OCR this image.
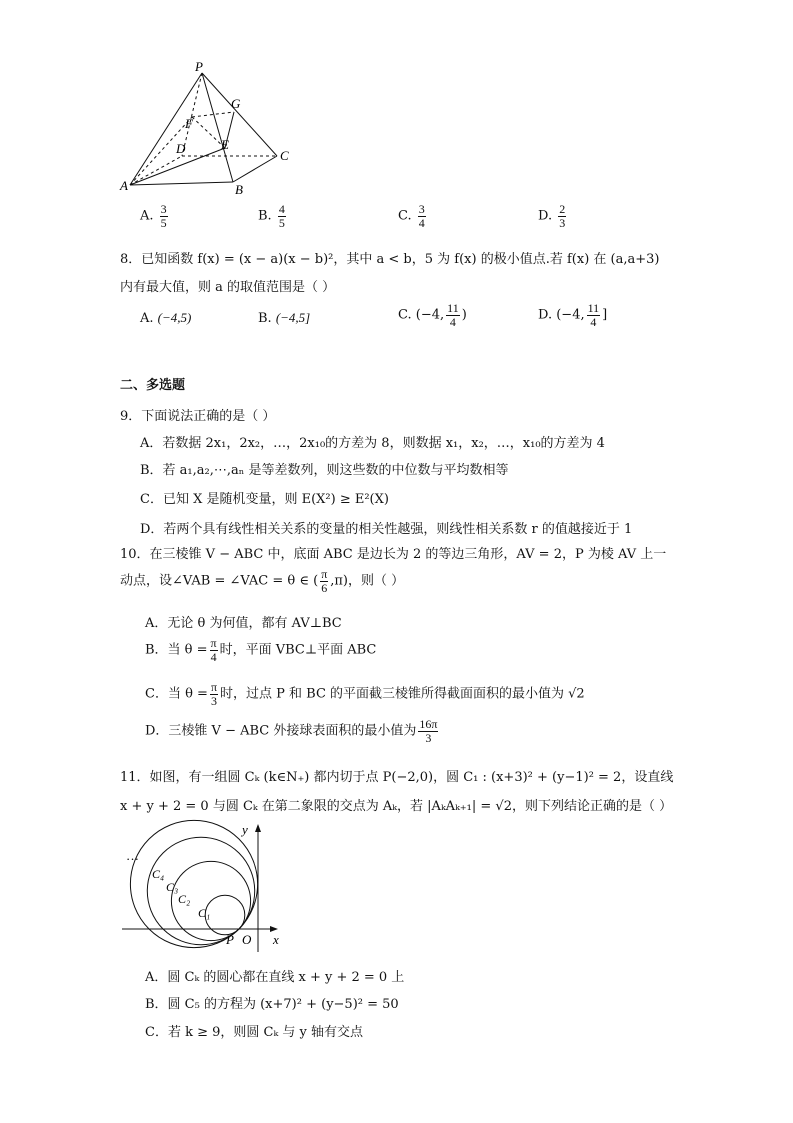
P
G
F
D	E
C
A	B
A. $\frac{3}{5}$	B. $\frac{4}{5}$	C. $\frac{3}{4}$	D. $\frac{2}{3}$
8．已知函数 f(x) = (x − a)(x − b)²，其中 a < b，5 为 f(x) 的极小值点.若 f(x) 在 (a,a+3)
内有最大值，则 a 的取值范围是（ ）
A. (−4,5)	B. (−4,5]	C. (−4, $\frac{11}{4}$ )	D. (−4, $\frac{11}{4}$ ]
二、多选题
9．下面说法正确的是（ ）
A．若数据 2x₁，2x₂，…，2x₁₀的方差为 8，则数据 x₁，x₂，…，x₁₀的方差为 4
B．若 a₁,a₂,⋯,aₙ 是等差数列，则这些数的中位数与平均数相等
C．已知 X 是随机变量，则 E(X²) ≥ E²(X)
D．若两个具有线性相关关系的变量的相关性越强，则线性相关系数 r 的值越接近于 1
10．在三棱锥 V − ABC 中，底面 ABC 是边长为 2 的等边三角形，AV = 2，P 为棱 AV 上一
动点，设∠VAB = ∠VAC = θ ∈ ( $\frac{\pi}{6} ,\pi$)，则（ ）
A．无论 θ 为何值，都有 AV⊥BC
B．当 $\theta = \frac{\pi}{4}$ 时，平面 VBC⊥平面 ABC
C．当 $\theta = \frac{\pi}{3}$ 时，过点 P 和 BC 的平面截三棱锥所得截面面积的最小值为 √2
D．三棱锥 V − ABC 外接球表面积的最小值为 $\frac{16\pi}{3}$
11．如图，有一组圆 Cₖ (k∈N₊) 都内切于点 P(−2,0)，圆 C₁ : (x+3)² + (y−1)² = 2，设直线
x + y + 2 = 0 与圆 Cₖ 在第二象限的交点为 Aₖ，若 |AₖAₖ₊₁| = √2，则下列结论正确的是（ ）
y
x
P O
C₁
C₂
C₃
C₄
…
A．圆 Cₖ 的圆心都在直线 x + y + 2 = 0 上
B．圆 C₅ 的方程为 (x+7)² + (y−5)² = 50
C．若 k ≥ 9，则圆 Cₖ 与 y 轴有交点
